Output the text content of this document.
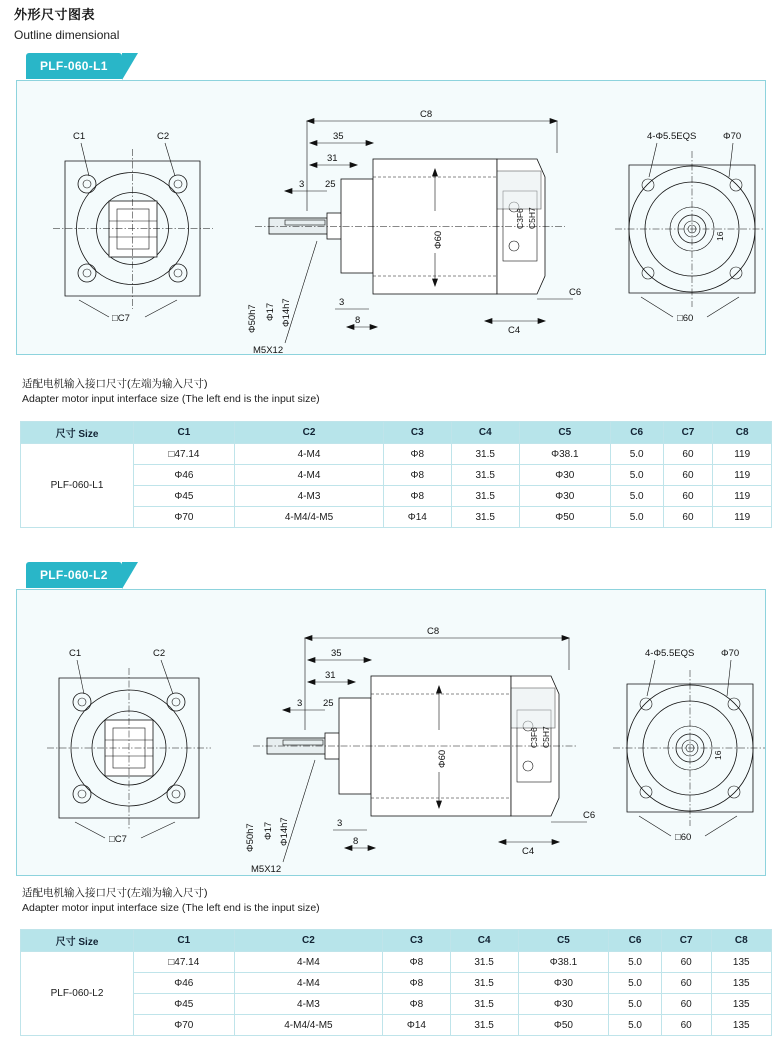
外形尺寸图表
Outline dimensional
PLF-060-L1
C1	C2
□C7
C8
35
31
3 25
Φ50h7 Φ17 Φ14h7
M5X12
Φ60
C3F6 C5H7
3
8
C4
C6
4-Φ5.5EQS	Φ70
16
□60
适配电机输入接口尺寸(左端为输入尺寸)
Adapter motor input interface size (The left end is the input size)
尺寸 Size	C1	C2	C3	C4	C5	C6	C7	C8
PLF-060-L1	□47.14	4-M4	Φ8	31.5	Φ38.1	5.0	60	119
	Φ46	4-M4	Φ8	31.5	Φ30	5.0	60	119
	Φ45	4-M3	Φ8	31.5	Φ30	5.0	60	119
	Φ70	4-M4/4-M5	Φ14	31.5	Φ50	5.0	60	119
PLF-060-L2
C1	C2
□C7
C8
35
31
3 25
Φ50h7 Φ17 Φ14h7
M5X12
Φ60
C3F6 C5H7
3
8
C4
C6
4-Φ5.5EQS	Φ70
16
□60
适配电机输入接口尺寸(左端为输入尺寸)
Adapter motor input interface size (The left end is the input size)
尺寸 Size	C1	C2	C3	C4	C5	C6	C7	C8
PLF-060-L2	□47.14	4-M4	Φ8	31.5	Φ38.1	5.0	60	135
	Φ46	4-M4	Φ8	31.5	Φ30	5.0	60	135
	Φ45	4-M3	Φ8	31.5	Φ30	5.0	60	135
	Φ70	4-M4/4-M5	Φ14	31.5	Φ50	5.0	60	135
